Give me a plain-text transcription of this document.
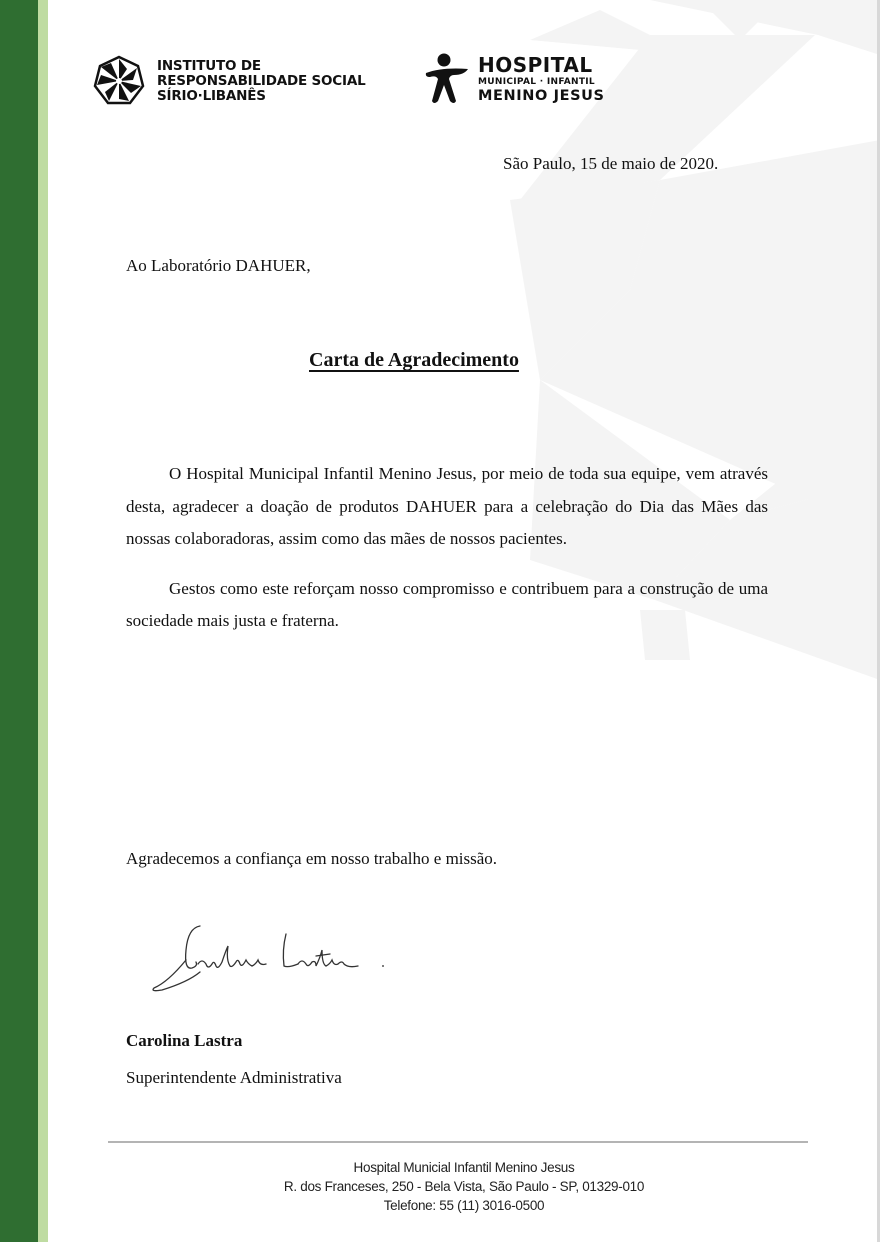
INSTITUTO DE
RESPONSABILIDADE SOCIAL
SÍRIO·LIBANÊS
HOSPITAL
MUNICIPAL · INFANTIL
MENINO JESUS
São Paulo, 15 de maio de 2020.
Ao Laboratório DAHUER,
Carta de Agradecimento

O Hospital Municipal Infantil Menino Jesus, por meio de toda sua equipe, vem através desta, agradecer a doação de produtos DAHUER para a celebração do Dia das Mães das nossas colaboradoras, assim como das mães de nossos pacientes.

Gestos como este reforçam nosso compromisso e contribuem para a construção de uma sociedade mais justa e fraterna.

Agradecemos a confiança em nosso trabalho e missão.
Carolina Lastra
Superintendente Administrativa
Hospital Municial Infantil Menino Jesus
R. dos Franceses, 250 - Bela Vista, São Paulo - SP, 01329-010
Telefone: 55 (11) 3016-0500
